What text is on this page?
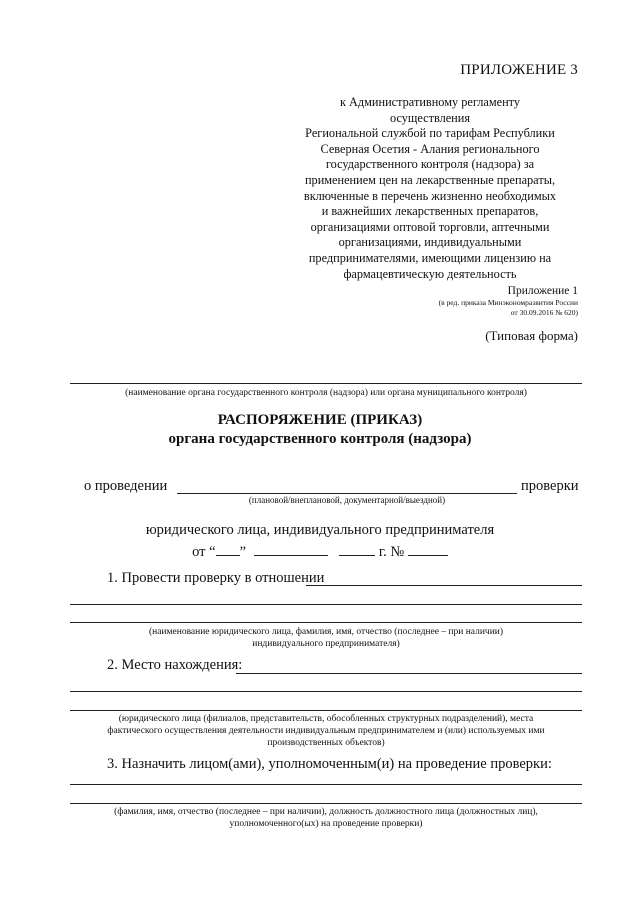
ПРИЛОЖЕНИЕ 3
к Административному регламенту
осуществления
Региональной службой по тарифам Республики
Северная Осетия - Алания регионального
государственного контроля (надзора) за
применением цен на лекарственные препараты,
включенные в перечень жизненно необходимых
и важнейших лекарственных препаратов,
организациями оптовой торговли, аптечными
организациями, индивидуальными
предпринимателями, имеющими лицензию на
фармацевтическую деятельность
Приложение 1
(в ред. приказа Минэкономразвития России
от 30.09.2016 № 620)
(Типовая форма)
(наименование органа государственного контроля (надзора) или органа муниципального контроля)
РАСПОРЯЖЕНИЕ (ПРИКАЗ)
органа государственного контроля (надзора)
о проведении	проверки
(плановой/внеплановой, документарной/выездной)
юридического лица, индивидуального предпринимателя
от “ ”	г. №
1. Провести проверку в отношении
(наименование юридического лица, фамилия, имя, отчество (последнее – при наличии)
индивидуального предпринимателя)
2. Место нахождения:
(юридического лица (филиалов, представительств, обособленных структурных подразделений), места
фактического осуществления деятельности индивидуальным предпринимателем и (или) используемых ими
производственных объектов)
3. Назначить лицом(ами), уполномоченным(и) на проведение проверки:
(фамилия, имя, отчество (последнее – при наличии), должность должностного лица (должностных лиц),
уполномоченного(ых) на проведение проверки)
